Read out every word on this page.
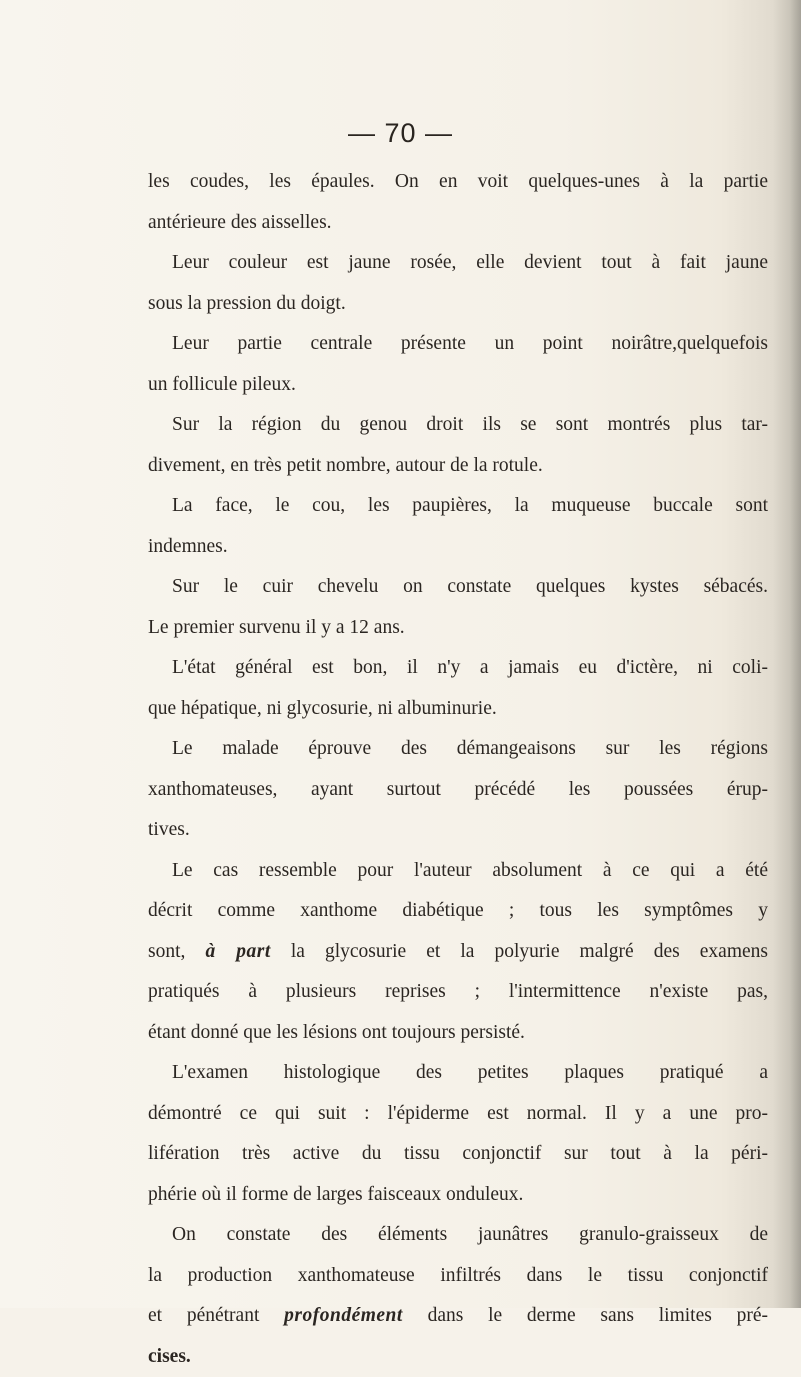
— 70 —
les coudes, les épaules. On en voit quelques-unes à la partie
antérieure des aisselles.
Leur couleur est jaune rosée, elle devient tout à fait jaune
sous la pression du doigt.
Leur partie centrale présente un point noirâtre,quelquefois
un follicule pileux.
Sur la région du genou droit ils se sont montrés plus tar-
divement, en très petit nombre, autour de la rotule.
La face, le cou, les paupières, la muqueuse buccale sont
indemnes.
Sur le cuir chevelu on constate quelques kystes sébacés.
Le premier survenu il y a 12 ans.
L'état général est bon, il n'y a jamais eu d'ictère, ni coli-
que hépatique, ni glycosurie, ni albuminurie.
Le malade éprouve des démangeaisons sur les régions
xanthomateuses, ayant surtout précédé les poussées érup-
tives.
Le cas ressemble pour l'auteur absolument à ce qui a été
décrit comme xanthome diabétique ; tous les symptômes y
sont, à part la glycosurie et la polyurie malgré des examens
pratiqués à plusieurs reprises ; l'intermittence n'existe pas,
étant donné que les lésions ont toujours persisté.
L'examen histologique des petites plaques pratiqué a
démontré ce qui suit : l'épiderme est normal. Il y a une pro-
lifération très active du tissu conjonctif sur tout à la péri-
phérie où il forme de larges faisceaux onduleux.
On constate des éléments jaunâtres granulo-graisseux de
la production xanthomateuse infiltrés dans le tissu conjonctif
et pénétrant profondément dans le derme sans limites pré-
cises.
